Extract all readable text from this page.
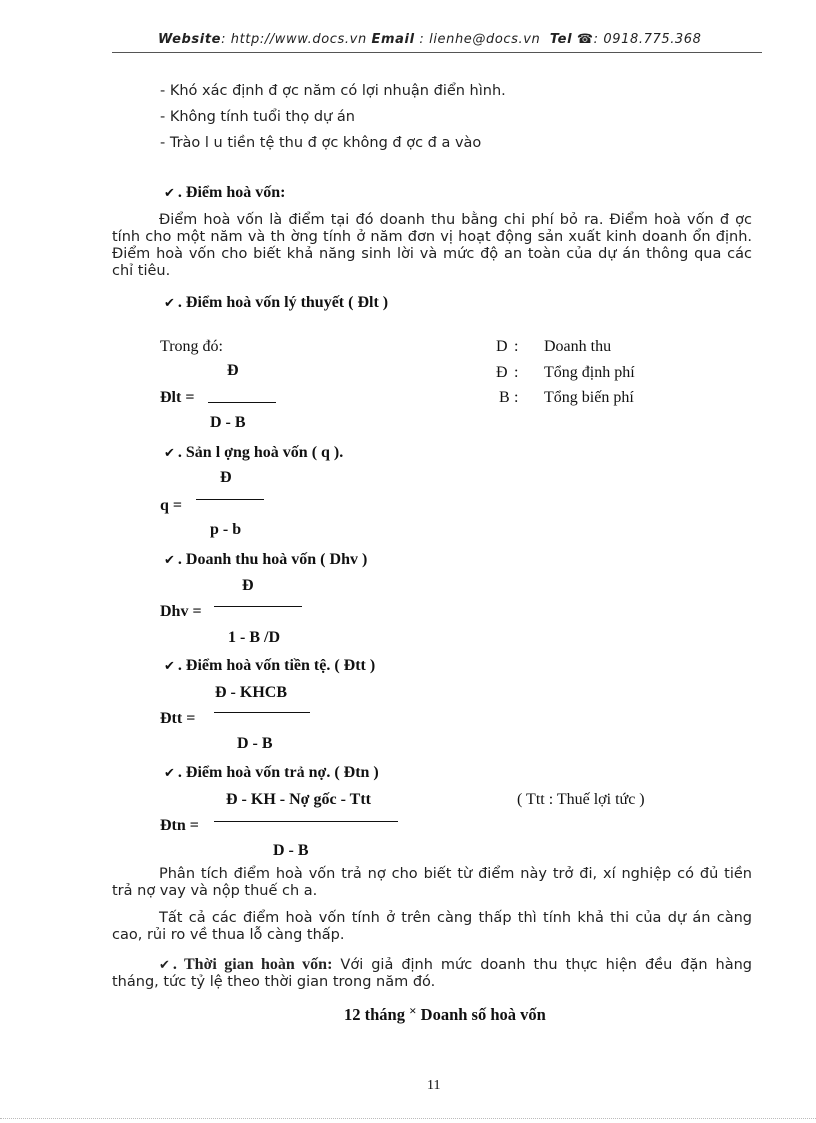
Website: http://www.docs.vn Email : lienhe@docs.vn Tel ☎: 0918.775.368
- Khó xác định đ ợc năm có lợi nhuận điển hình.
- Không tính tuổi thọ dự án
- Trào l u tiền tệ thu đ ợc không đ ợc đ a vào
✔ . Điểm hoà vốn:
Điểm hoà vốn là điểm tại đó doanh thu bằng chi phí bỏ ra. Điểm hoà vốn đ ợc tính cho một năm và th ờng tính ở năm đơn vị hoạt động sản xuất kinh doanh ổn định. Điểm hoà vốn cho biết khả năng sinh lời và mức độ an toàn của dự án thông qua các chỉ tiêu.
✔ . Điểm hoà vốn lý thuyết ( Đlt )
Trong đó:
Đ
Đlt =
D - B
D : Doanh thu
Đ : Tổng định phí
B : Tổng biến phí
✔ . Sản l ợng hoà vốn ( q ).
Đ
q =
p - b
✔ . Doanh thu hoà vốn ( Dhv )
Đ
Dhv =
1 - B /D
✔ . Điểm hoà vốn tiền tệ. ( Đtt )
Đ - KHCB
Đtt =
D - B
✔ . Điểm hoà vốn trả nợ. ( Đtn )
Đ - KH - Nợ gốc - Ttt	( Ttt : Thuế lợi tức )
Đtn =
D - B
Phân tích điểm hoà vốn trả nợ cho biết từ điểm này trở đi, xí nghiệp có đủ tiền trả nợ vay và nộp thuế ch a.
Tất cả các điểm hoà vốn tính ở trên càng thấp thì tính khả thi của dự án càng cao, rủi ro về thua lỗ càng thấp.
✔ . Thời gian hoàn vốn: Với giả định mức doanh thu thực hiện đều đặn hàng tháng, tức tỷ lệ theo thời gian trong năm đó.
12 tháng × Doanh số hoà vốn
11
